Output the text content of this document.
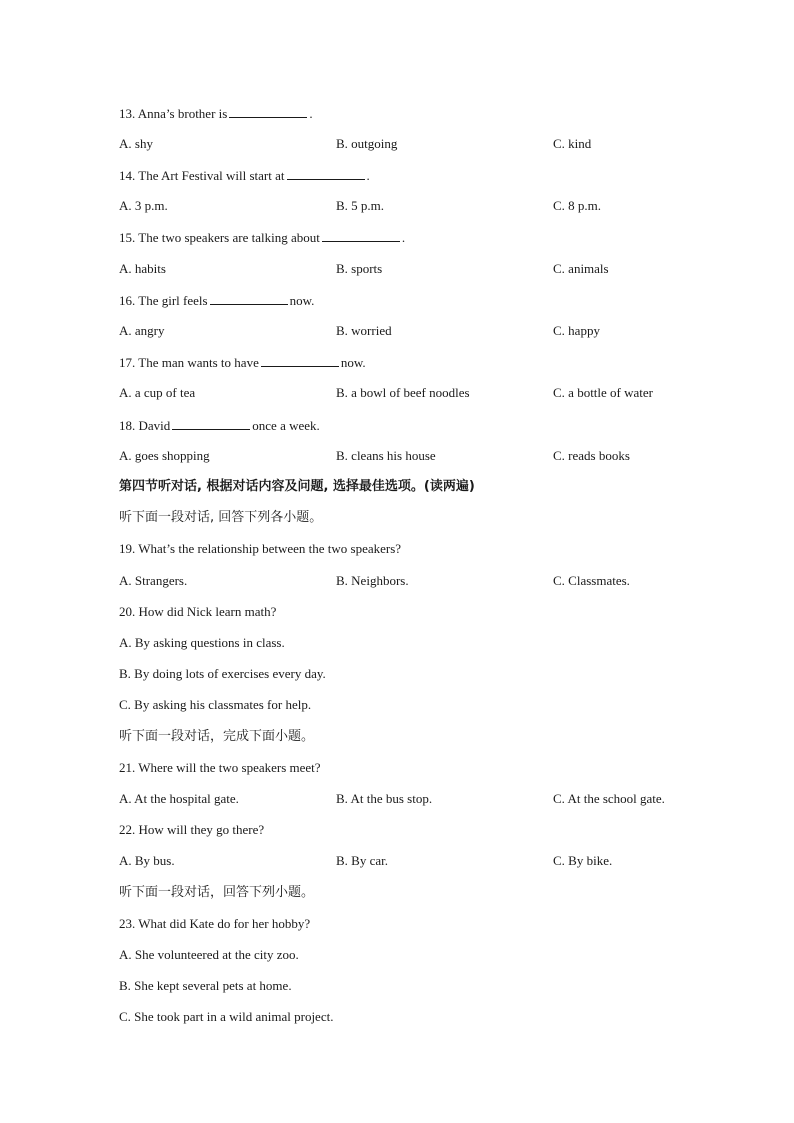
13. Anna’s brother is	.
A. shy	B. outgoing	C. kind
14. The Art Festival will start at	.
A. 3 p.m.	B. 5 p.m.	C. 8 p.m.
15. The two speakers are talking about	.
A. habits	B. sports	C. animals
16. The girl feels	now.
A. angry	B. worried	C. happy
17. The man wants to have	now.
A. a cup of tea	B. a bowl of beef noodles	C. a bottle of water
18. David	once a week.
A. goes shopping	B. cleans his house	C. reads books
第四节听对话, 根据对话内容及问题, 选择最佳选项。(读两遍)
听下面一段对话, 回答下列各小题。
19. What’s the relationship between the two speakers?
A. Strangers.	B. Neighbors.	C. Classmates.
20. How did Nick learn math?
A. By asking questions in class.
B. By doing lots of exercises every day.
C. By asking his classmates for help.
听下面一段对话，完成下面小题。
21. Where will the two speakers meet?
A. At the hospital gate.	B. At the bus stop.	C. At the school gate.
22. How will they go there?
A. By bus.	B. By car.	C. By bike.
听下面一段对话，回答下列小题。
23. What did Kate do for her hobby?
A. She volunteered at the city zoo.
B. She kept several pets at home.
C. She took part in a wild animal project.
